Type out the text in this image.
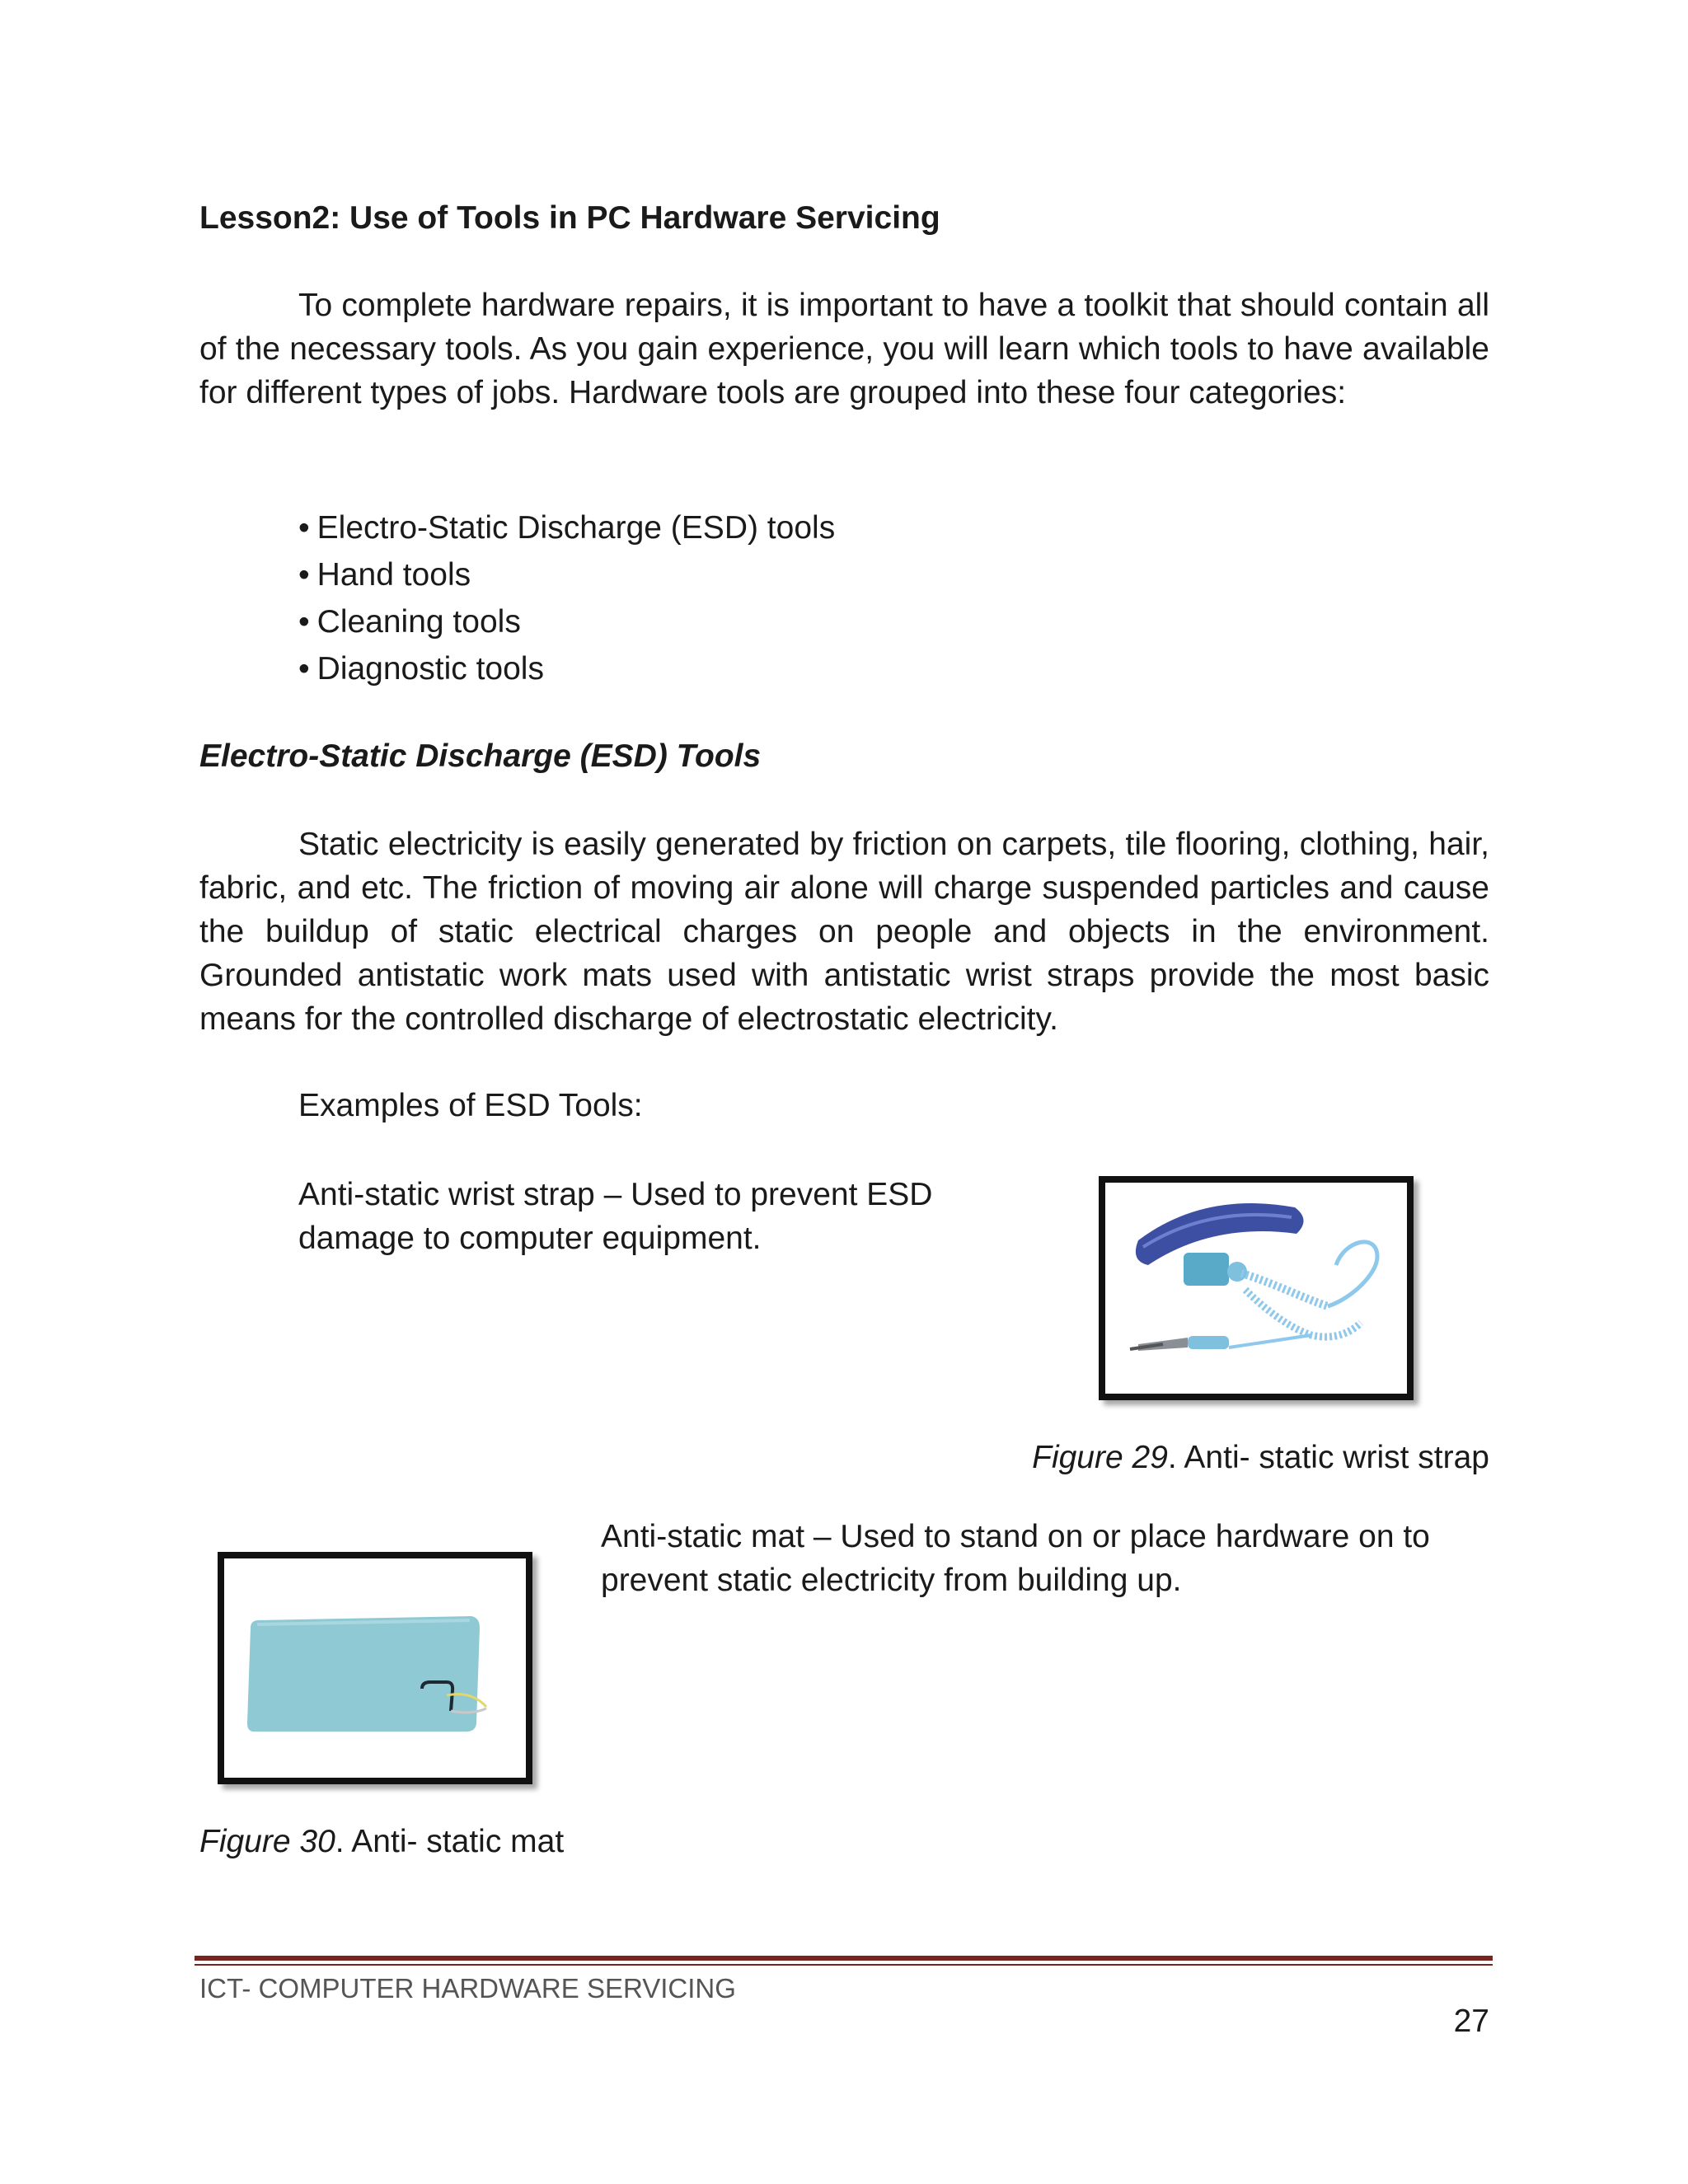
Lesson2: Use of Tools in PC Hardware Servicing
To complete hardware repairs, it is important to have a toolkit that should contain all of the necessary tools. As you gain experience, you will learn which tools to have available for different types of jobs. Hardware tools are grouped into these four categories:
• Electro-Static Discharge (ESD) tools
• Hand tools
• Cleaning tools
• Diagnostic tools
Electro-Static Discharge (ESD) Tools
Static electricity is easily generated by friction on carpets, tile flooring, clothing, hair, fabric, and etc. The friction of moving air alone will charge suspended particles and cause the buildup of static electrical charges on people and objects in the environment. Grounded antistatic work mats used with antistatic wrist straps provide the most basic means for the controlled discharge of electrostatic electricity.
Examples of ESD Tools:
Anti-static wrist strap – Used to prevent ESD damage to computer equipment.
Figure 29. Anti- static wrist strap
Anti-static mat – Used to stand on or place hardware on to prevent static electricity from building up.
Figure 30. Anti- static mat
ICT- COMPUTER HARDWARE SERVICING
27
